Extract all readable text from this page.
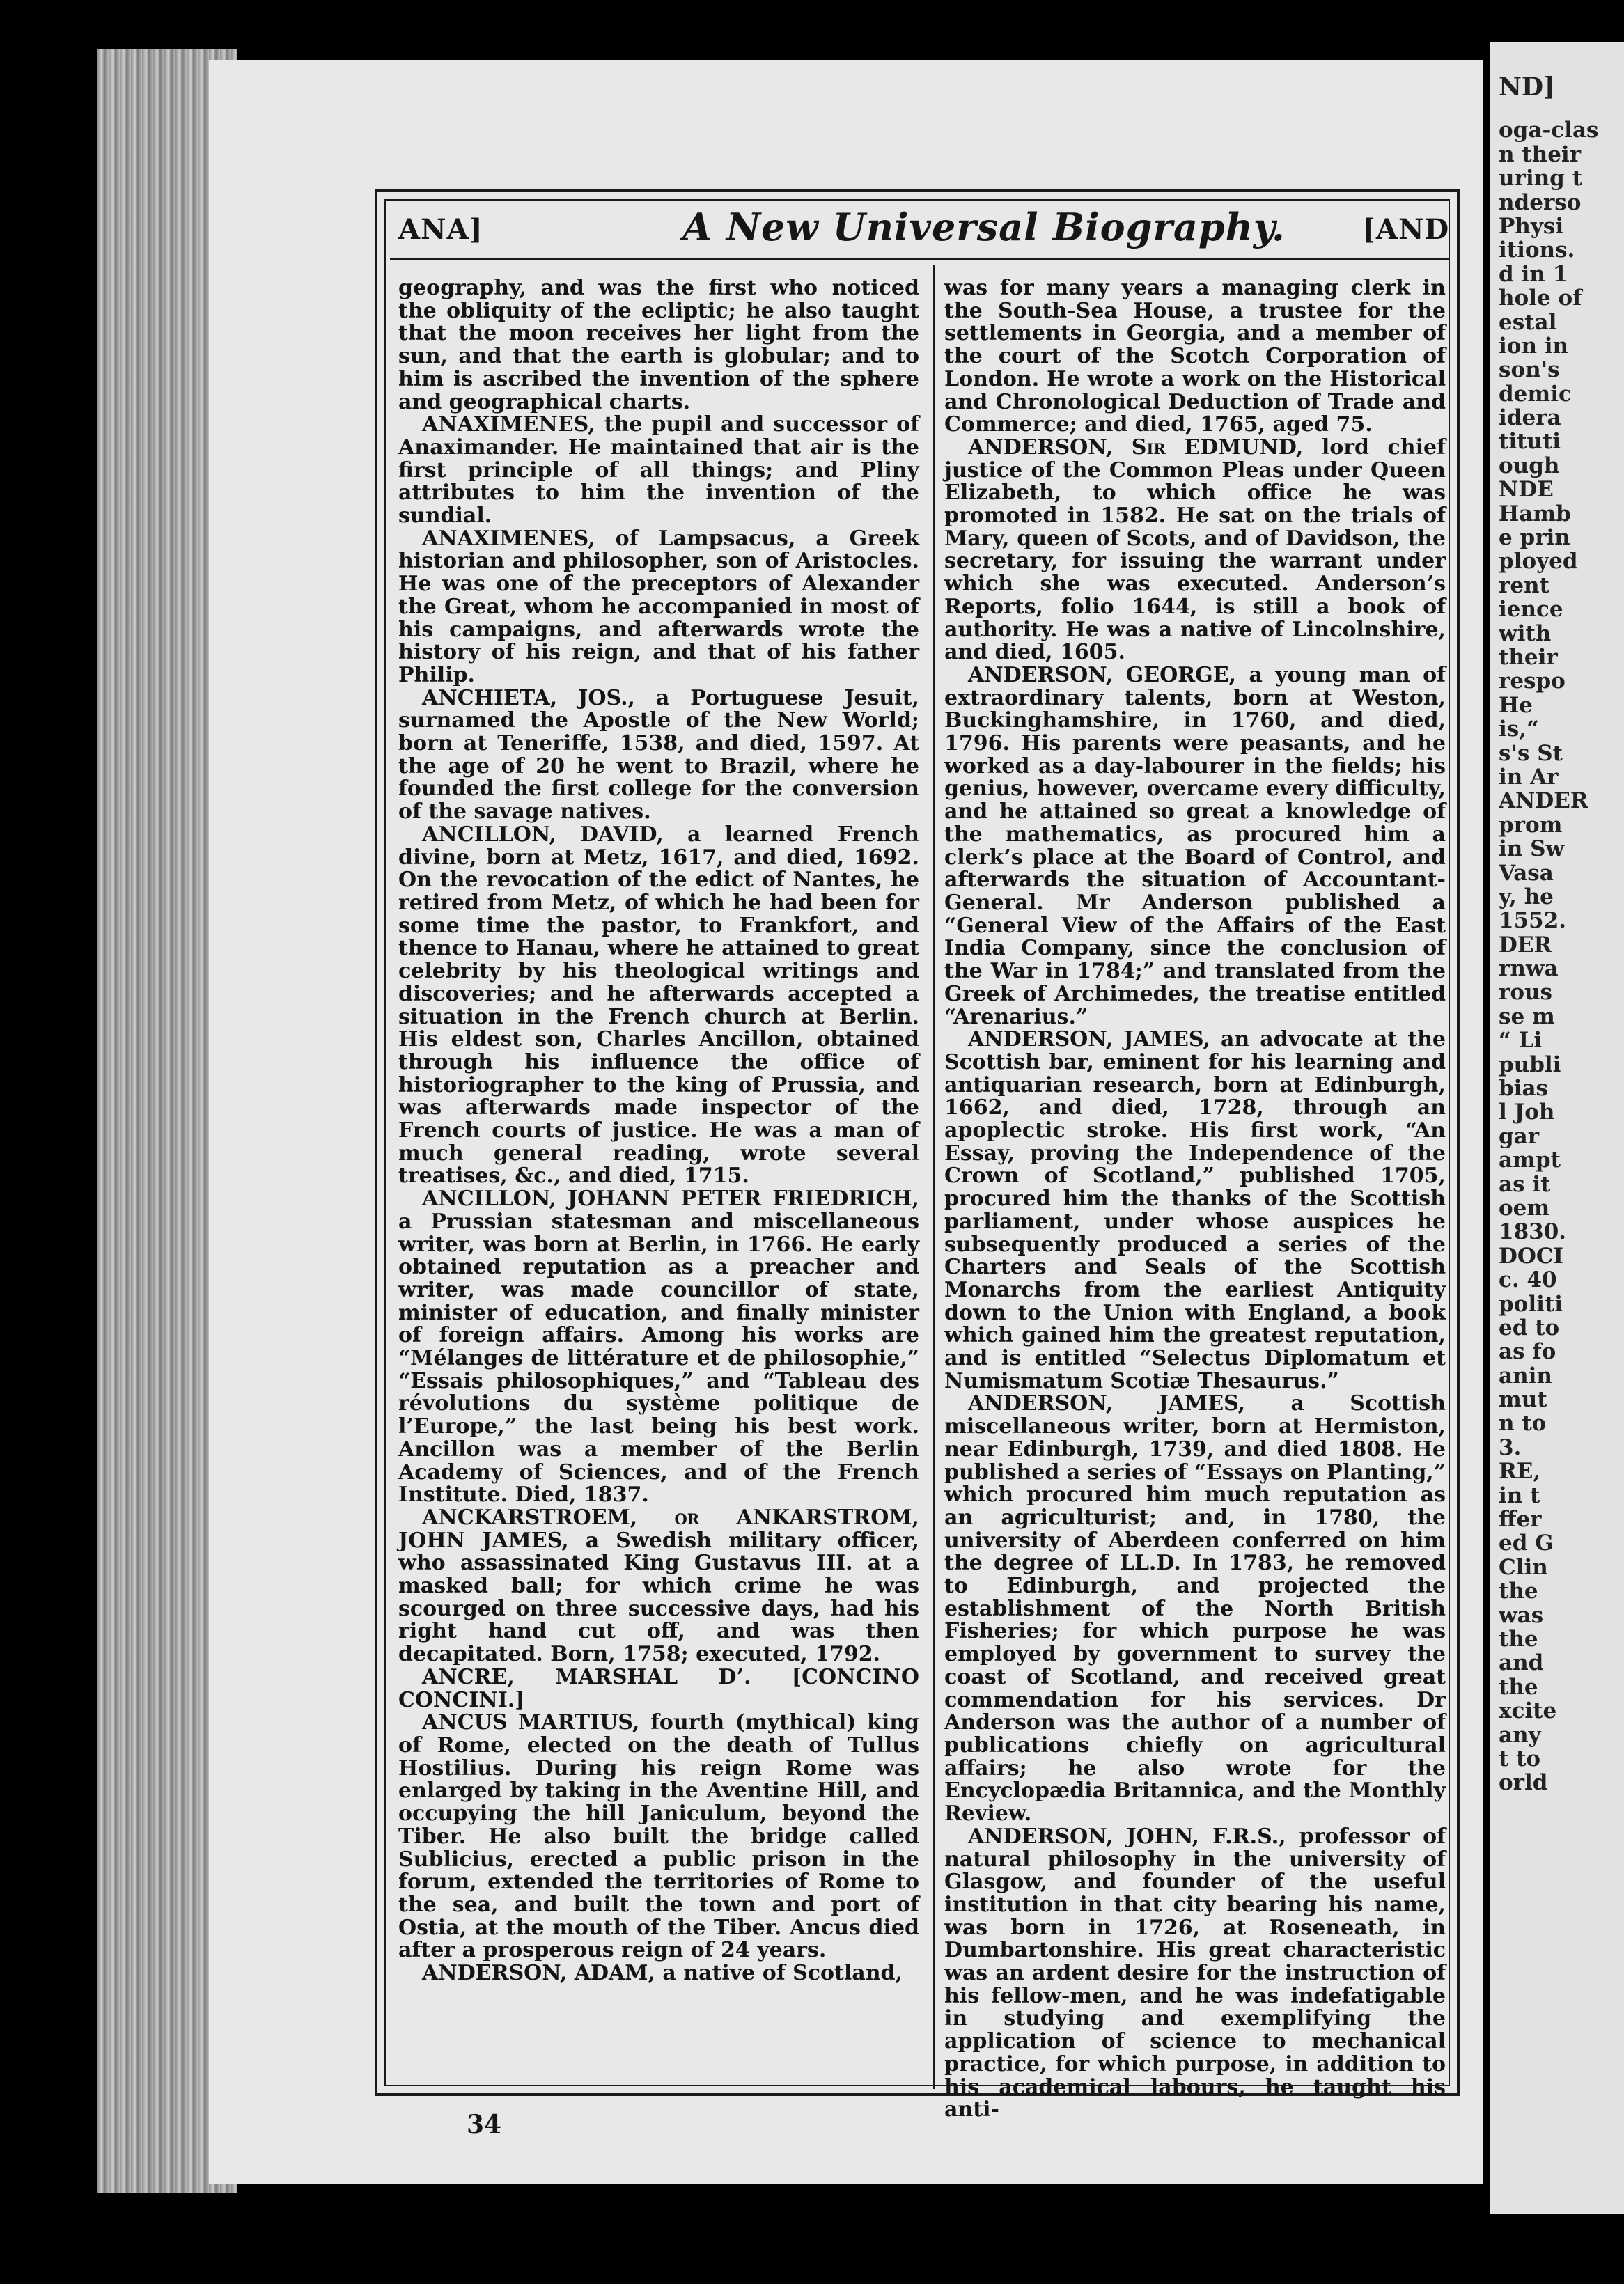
ND]
oga-clas
n their
uring t
nderso
Physi
itions.
d in 1
hole of
estal
ion in
son's
demic
idera
tituti
ough
NDE
Hamb
e prin
ployed
rent
ience
with
their
respo
He
is,“
s's St
in Ar
ANDER
prom
in Sw
Vasa
y, he
1552.
DER
rnwa
rous
se m
“ Li
publi
bias
l Joh
gar
ampt
as it
oem
1830.
DOCI
c. 40
politi
ed to
as fo
anin
mut
n to
3.
RE,
in t
ffer
ed G
Clin
the
was
the
and
the
xcite
any
t to
orld
ANA]	A New Universal Biography.	[AND

geography, and was the first who noticed the obliquity of the ecliptic; he also taught that the moon receives her light from the sun, and that the earth is globular; and to him is ascribed the invention of the sphere and geographical charts.

ANAXIMENES, the pupil and successor of Anaximander. He maintained that air is the first principle of all things; and Pliny attributes to him the invention of the sundial.

ANAXIMENES, of Lampsacus, a Greek historian and philosopher, son of Aristocles. He was one of the preceptors of Alexander the Great, whom he accompanied in most of his campaigns, and afterwards wrote the history of his reign, and that of his father Philip.

ANCHIETA, JOS., a Portuguese Jesuit, surnamed the Apostle of the New World; born at Teneriffe, 1538, and died, 1597. At the age of 20 he went to Brazil, where he founded the first college for the conversion of the savage natives.

ANCILLON, DAVID, a learned French divine, born at Metz, 1617, and died, 1692. On the revocation of the edict of Nantes, he retired from Metz, of which he had been for some time the pastor, to Frankfort, and thence to Hanau, where he attained to great celebrity by his theological writings and discoveries; and he afterwards accepted a situation in the French church at Berlin. His eldest son, Charles Ancillon, obtained through his influence the office of historiographer to the king of Prussia, and was afterwards made inspector of the French courts of justice. He was a man of much general reading, wrote several treatises, &c., and died, 1715.

ANCILLON, JOHANN PETER FRIEDRICH, a Prussian statesman and miscellaneous writer, was born at Berlin, in 1766. He early obtained reputation as a preacher and writer, was made councillor of state, minister of education, and finally minister of foreign affairs. Among his works are “Mélanges de littérature et de philosophie,” “Essais philosophiques,” and “Tableau des révolutions du système politique de l’Europe,” the last being his best work. Ancillon was a member of the Berlin Academy of Sciences, and of the French Institute. Died, 1837.

ANCKARSTROEM, or ANKARSTROM, JOHN JAMES, a Swedish military officer, who assassinated King Gustavus III. at a masked ball; for which crime he was scourged on three successive days, had his right hand cut off, and was then decapitated. Born, 1758; executed, 1792.

ANCRE, MARSHAL D’. [CONCINO CONCINI.]

ANCUS MARTIUS, fourth (mythical) king of Rome, elected on the death of Tullus Hostilius. During his reign Rome was enlarged by taking in the Aventine Hill, and occupying the hill Janiculum, beyond the Tiber. He also built the bridge called Sublicius, erected a public prison in the forum, extended the territories of Rome to the sea, and built the town and port of Ostia, at the mouth of the Tiber. Ancus died after a prosperous reign of 24 years.

ANDERSON, ADAM, a native of Scotland,

was for many years a managing clerk in the South-Sea House, a trustee for the settlements in Georgia, and a member of the court of the Scotch Corporation of London. He wrote a work on the Historical and Chronological Deduction of Trade and Commerce; and died, 1765, aged 75.

ANDERSON, Sir EDMUND, lord chief justice of the Common Pleas under Queen Elizabeth, to which office he was promoted in 1582. He sat on the trials of Mary, queen of Scots, and of Davidson, the secretary, for issuing the warrant under which she was executed. Anderson’s Reports, folio 1644, is still a book of authority. He was a native of Lincolnshire, and died, 1605.

ANDERSON, GEORGE, a young man of extraordinary talents, born at Weston, Buckinghamshire, in 1760, and died, 1796. His parents were peasants, and he worked as a day-labourer in the fields; his genius, however, overcame every difficulty, and he attained so great a knowledge of the mathematics, as procured him a clerk’s place at the Board of Control, and afterwards the situation of Accountant-General. Mr Anderson published a “General View of the Affairs of the East India Company, since the conclusion of the War in 1784;” and translated from the Greek of Archimedes, the treatise entitled “Arenarius.”

ANDERSON, JAMES, an advocate at the Scottish bar, eminent for his learning and antiquarian research, born at Edinburgh, 1662, and died, 1728, through an apoplectic stroke. His first work, “An Essay, proving the Independence of the Crown of Scotland,” published 1705, procured him the thanks of the Scottish parliament, under whose auspices he subsequently produced a series of the Charters and Seals of the Scottish Monarchs from the earliest Antiquity down to the Union with England, a book which gained him the greatest reputation, and is entitled “Selectus Diplomatum et Numismatum Scotiæ Thesaurus.”

ANDERSON, JAMES, a Scottish miscellaneous writer, born at Hermiston, near Edinburgh, 1739, and died 1808. He published a series of “Essays on Planting,” which procured him much reputation as an agriculturist; and, in 1780, the university of Aberdeen conferred on him the degree of LL.D. In 1783, he removed to Edinburgh, and projected the establishment of the North British Fisheries; for which purpose he was employed by government to survey the coast of Scotland, and received great commendation for his services. Dr Anderson was the author of a number of publications chiefly on agricultural affairs; he also wrote for the Encyclopædia Britannica, and the Monthly Review.

ANDERSON, JOHN, F.R.S., professor of natural philosophy in the university of Glasgow, and founder of the useful institution in that city bearing his name, was born in 1726, at Roseneath, in Dumbartonshire. His great characteristic was an ardent desire for the instruction of his fellow-men, and he was indefatigable in studying and exemplifying the application of science to mechanical practice, for which purpose, in addition to his academical labours, he taught his anti-

34
